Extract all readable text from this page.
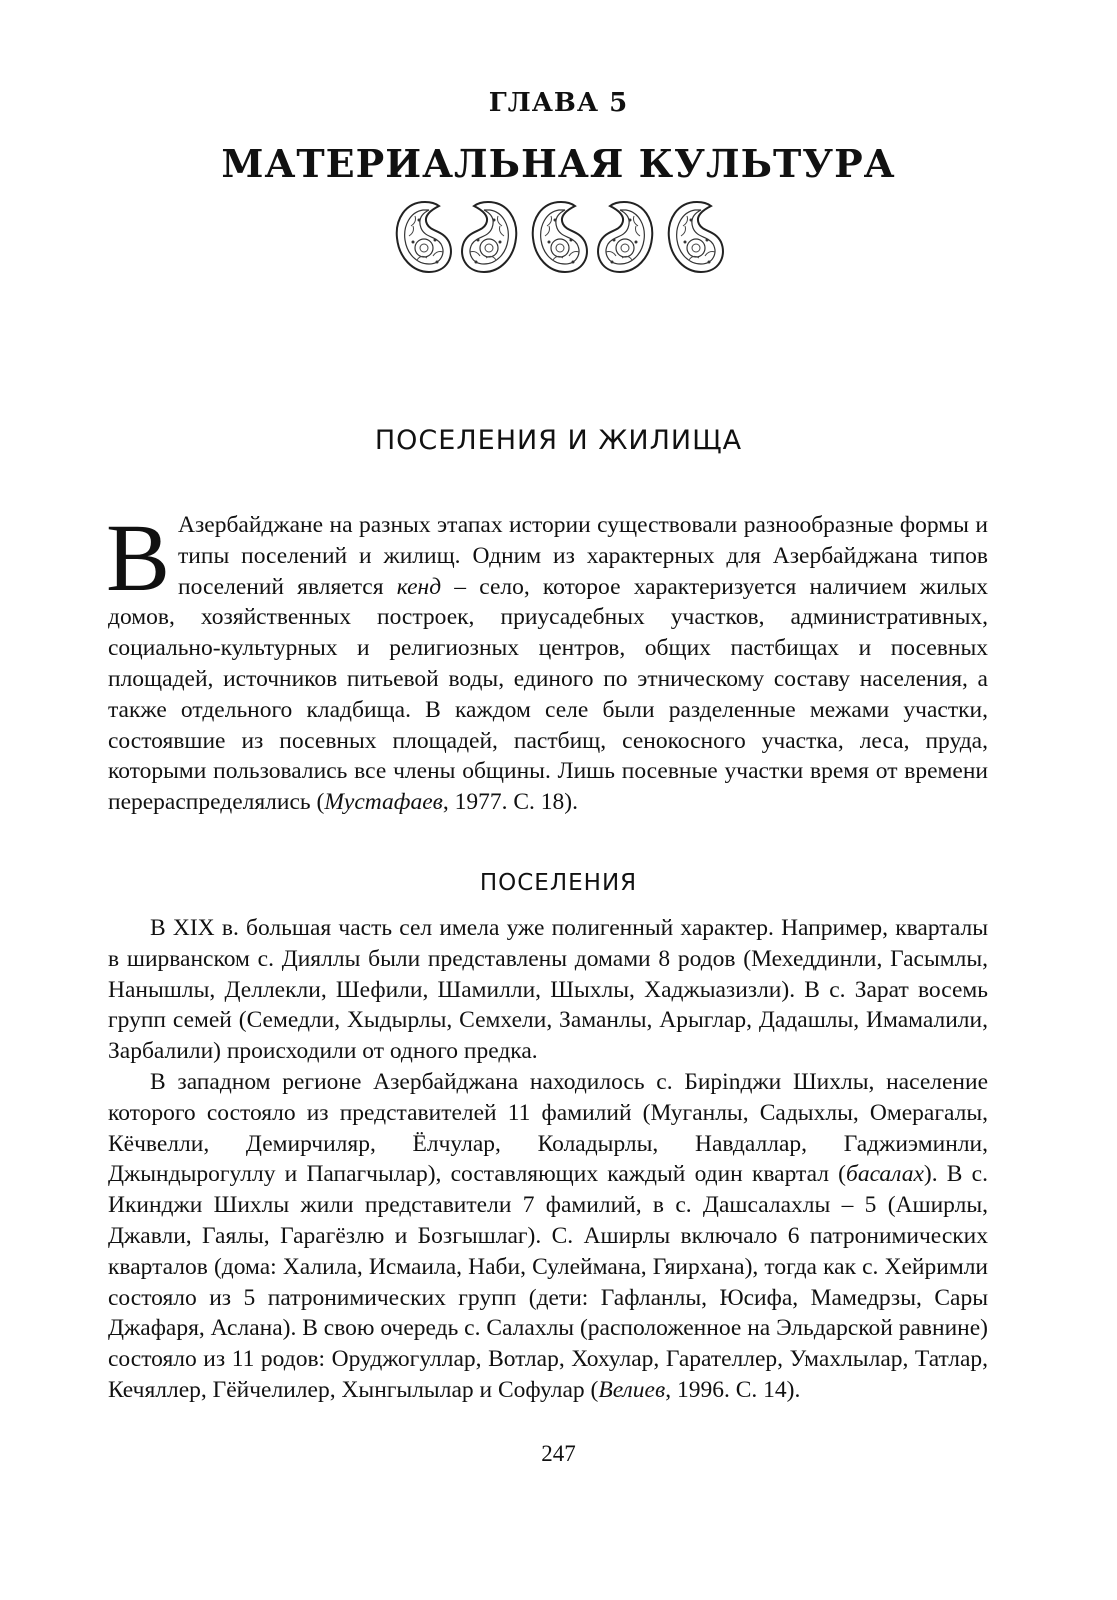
ГЛАВА 5
МАТЕРИАЛЬНАЯ КУЛЬТУРА
ПОСЕЛЕНИЯ И ЖИЛИЩА

В Азербайджане на разных этапах истории существовали разнообразные формы и типы поселений и жилищ. Одним из характерных для Азербайджана типов поселений является кенд – село, которое характеризуется наличием жилых домов, хозяйственных построек, приусадебных участков, административных, социально-культурных и религиозных центров, общих пастбищах и посевных площадей, источников питьевой воды, единого по этническому составу населения, а также отдельного кладбища. В каждом селе были разделенные межами участки, состоявшие из посевных площадей, пастбищ, сенокосного участка, леса, пруда, которыми пользовались все члены общины. Лишь посевные участки время от времени перераспределялись (Мустафаев, 1977. С. 18).

ПОСЕЛЕНИЯ

В XIX в. большая часть сел имела уже полигенный характер. Например, кварталы в ширванском с. Дияллы были представлены домами 8 родов (Мехеддинли, Гасымлы, Нанышлы, Деллекли, Шефили, Шамилли, Шыхлы, Хаджыазизли). В с. Зарат восемь групп семей (Семедли, Хыдырлы, Семхели, Заманлы, Арыглар, Дадашлы, Имамалили, Зарбалили) происходили от одного предка.

В западном регионе Азербайджана находилось с. Бирinджи Шихлы, население которого состояло из представителей 11 фамилий (Муганлы, Садыхлы, Омерагалы, Кёчвелли, Демирчиляр, Ёлчулар, Коладырлы, Навдаллар, Гаджиэминли, Джындырогуллу и Папагчылар), составляющих каждый один квартал (басалах). В с. Икинджи Шихлы жили представители 7 фамилий, в с. Дашсалахлы – 5 (Аширлы, Джавли, Гаялы, Гарагёзлю и Бозгышлаг). С. Аширлы включало 6 патронимических кварталов (дома: Халила, Исмаила, Наби, Сулеймана, Гяирхана), тогда как с. Хейримли состояло из 5 патронимических групп (дети: Гафланлы, Юсифа, Мамедрзы, Сары Джафаря, Аслана). В свою очередь с. Салахлы (расположенное на Эльдарской равнине) состояло из 11 родов: Оруджогуллар, Вотлар, Хохулар, Гарателлер, Умахлылар, Татлар, Кечяллер, Гёйчелилер, Хынгылылар и Софулар (Велиев, 1996. С. 14).

247
